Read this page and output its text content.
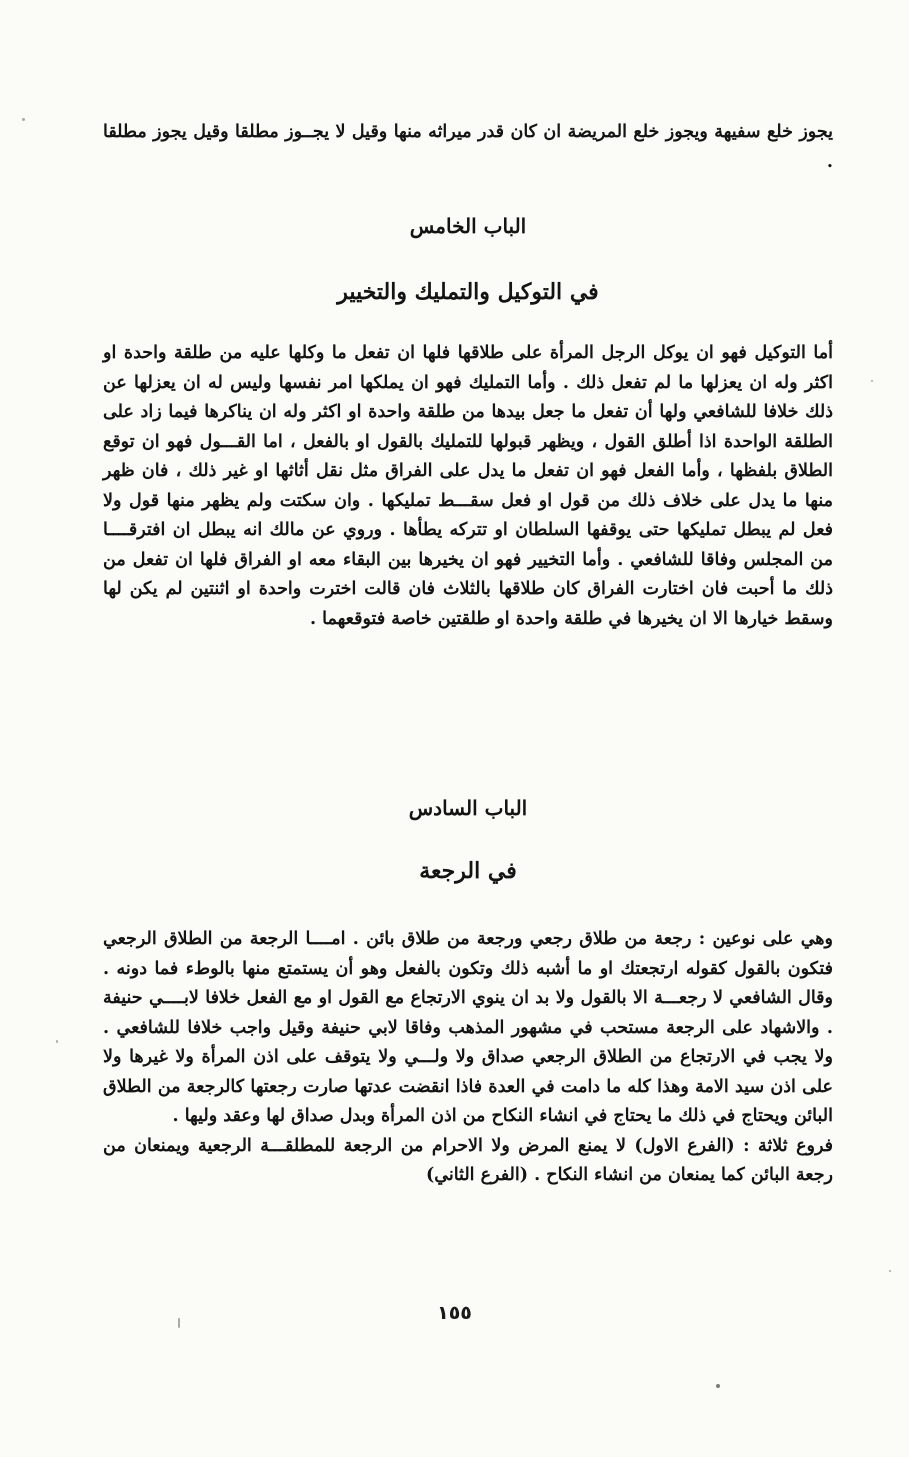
يجوز خلع سفيهة ويجوز خلع المريضة ان كان قدر ميراثه منها وقيل لا يجــوز مطلقا وقيل يجوز مطلقا .

الباب الخامس
في التوكيل والتمليك والتخيير

أما التوكيل فهو ان يوكل الرجل المرأة على طلاقها فلها ان تفعل ما وكلها عليه من طلقة واحدة او اكثر وله ان يعزلها ما لم تفعل ذلك . وأما التمليك فهو ان يملكها امر نفسها وليس له ان يعزلها عن ذلك خلافا للشافعي ولها أن تفعل ما جعل بيدها من طلقة واحدة او اكثر وله ان يناكرها فيما زاد على الطلقة الواحدة اذا أطلق القول ، ويظهر قبولها للتمليك بالقول او بالفعل ، اما القـــول فهو ان توقع الطلاق بلفظها ، وأما الفعل فهو ان تفعل ما يدل على الفراق مثل نقل أثاثها او غير ذلك ، فان ظهر منها ما يدل على خلاف ذلك من قول او فعل سقـــط تمليكها . وان سكتت ولم يظهر منها قول ولا فعل لم يبطل تمليكها حتى يوقفها السلطان او تتركه يطأها . وروي عن مالك انه يبطل ان افترقــــا من المجلس وفاقا للشافعي . وأما التخيير فهو ان يخيرها بين البقاء معه او الفراق فلها ان تفعل من ذلك ما أحبت فان اختارت الفراق كان طلاقها بالثلاث فان قالت اخترت واحدة او اثنتين لم يكن لها وسقط خيارها الا ان يخيرها في طلقة واحدة او طلقتين خاصة فتوقعهما .

الباب السادس
في الرجعة

وهي على نوعين : رجعة من طلاق رجعي ورجعة من طلاق بائن . امــــا الرجعة من الطلاق الرجعي فتكون بالقول كقوله ارتجعتك او ما أشبه ذلك وتكون بالفعل وهو أن يستمتع منها بالوطء فما دونه . وقال الشافعي لا رجعـــة الا بالقول ولا بد ان ينوي الارتجاع مع القول او مع الفعل خلافا لابــــي حنيفة . والاشهاد على الرجعة مستحب في مشهور المذهب وفاقا لابي حنيفة وقيل واجب خلافا للشافعي . ولا يجب في الارتجاع من الطلاق الرجعي صداق ولا ولـــي ولا يتوقف على اذن المرأة ولا غيرها ولا على اذن سيد الامة وهذا كله ما دامت في العدة فاذا انقضت عدتها صارت رجعتها كالرجعة من الطلاق البائن ويحتاج في ذلك ما يحتاج في انشاء النكاح من اذن المرأة وبدل صداق لها وعقد وليها .

فروع ثلاثة : (الفرع الاول) لا يمنع المرض ولا الاحرام من الرجعة للمطلقـــة الرجعية ويمنعان من رجعة البائن كما يمنعان من انشاء النكاح . (الفرع الثاني)

١٥٥
